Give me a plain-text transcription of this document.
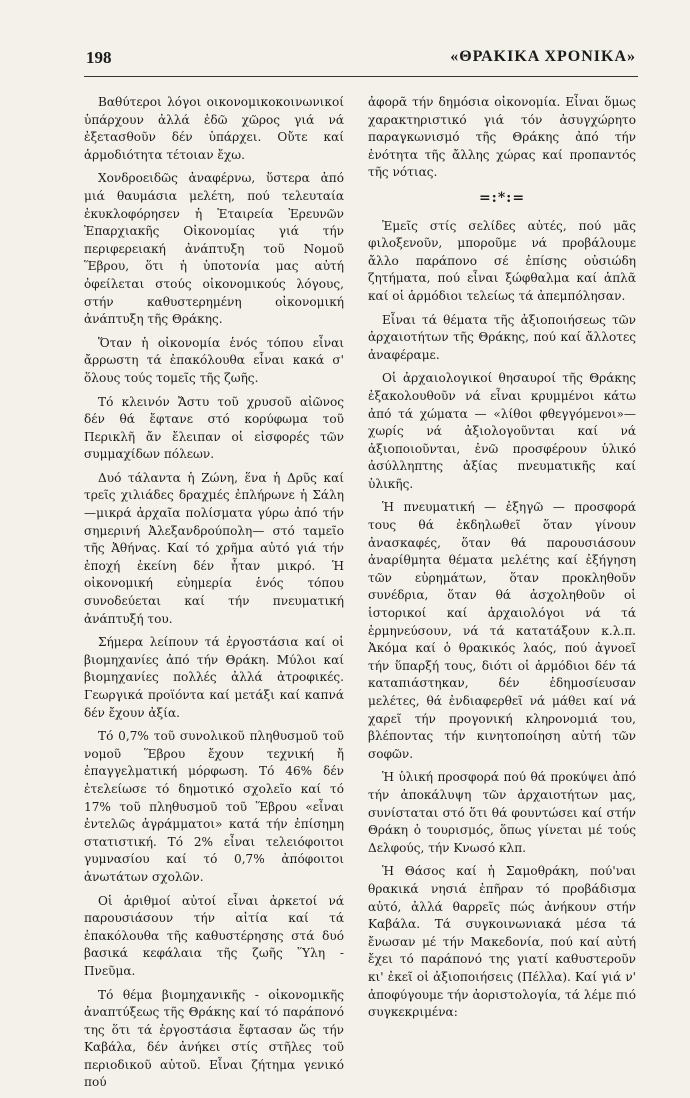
198	«ΘΡΑΚΙΚΑ ΧΡΟΝΙΚΑ»

Βαθύτεροι λόγοι οικονομικοκοινωνικοί ὑπάρχουν ἀλλά ἐδῶ χῶρος γιά νά ἐξετασθοῦν δέν ὑπάρχει. Οὔτε καί ἁρμοδιότητα τέτοιαν ἔχω.

Χονδροειδῶς ἀναφέρνω, ὕστερα ἀπό μιά θαυμάσια μελέτη, πού τελευταία ἐκυκλοφόρησεν ἡ Ἑταιρεία Ἐρευνῶν Ἐπαρχιακῆς Οἰκονομίας γιά τήν περιφερειακή ἀνάπτυξη τοῦ Νομοῦ Ἕβρου, ὅτι ἡ ὑποτονία μας αὐτή ὀφείλεται στούς οἰκονομικούς λόγους, στήν καθυστερημένη οἰκονομική ἀνάπτυξη τῆς Θράκης.

Ὅταν ἡ οἰκονομία ἑνός τόπου εἶναι ἄρρωστη τά ἐπακόλουθα εἶναι κακά σ' ὅλους τούς τομεῖς τῆς ζωῆς.

Τό κλεινόν Ἄστυ τοῦ χρυσοῦ αἰῶνος δέν θά ἔφτανε στό κορύφωμα τοῦ Περικλῆ ἄν ἔλειπαν οἱ εἰσφορές τῶν συμμαχίδων πόλεων.

Δυό τάλαντα ἡ Ζώνη, ἕνα ἡ Δρῦς καί τρεῖς χιλιάδες δραχμές ἐπλήρωνε ἡ Σάλη —μικρά ἀρχαῖα πολίσματα γύρω ἀπό τήν σημερινή Ἀλεξανδρούπολη— στό ταμεῖο τῆς Ἀθήνας. Καί τό χρῆμα αὐτό γιά τήν ἐποχή ἐκείνη δέν ἦταν μικρό. Ἡ οἰκονομική εὐημερία ἑνός τόπου συνοδεύεται καί τήν πνευματική ἀνάπτυξή του.

Σήμερα λείπουν τά ἐργοστάσια καί οἱ βιομηχανίες ἀπό τήν Θράκη. Μύλοι καί βιομηχανίες πολλές ἀλλά ἀτροφικές. Γεωργικά προϊόντα καί μετάξι καί καπνά δέν ἔχουν ἀξία.

Τό 0,7% τοῦ συνολικοῦ πληθυσμοῦ τοῦ νομοῦ Ἕβρου ἔχουν τεχνική ἤ ἐπαγγελματική μόρφωση. Τό 46% δέν ἐτελείωσε τό δημοτικό σχολεῖο καί τό 17% τοῦ πληθυσμοῦ τοῦ Ἕβρου «εἶναι ἐντελῶς ἀγράμματοι» κατά τήν ἐπίσημη στατιστική. Τό 2% εἶναι τελειόφοιτοι γυμνασίου καί τό 0,7% ἀπόφοιτοι ἀνωτάτων σχολῶν.

Οἱ ἀριθμοί αὐτοί εἶναι ἀρκετοί νά παρουσιάσουν τήν αἰτία καί τά ἐπακόλουθα τῆς καθυστέρησης στά δυό βασικά κεφάλαια τῆς ζωῆς Ὕλη - Πνεῦμα.

Τό θέμα βιομηχανικῆς - οἰκονομικῆς ἀναπτύξεως τῆς Θράκης καί τό παράπονό της ὅτι τά ἐργοστάσια ἔφτασαν ὥς τήν Καβάλα, δέν ἀνήκει στίς στῆλες τοῦ περιοδικοῦ αὐτοῦ. Εἶναι ζήτημα γενικό πού

ἀφορᾶ τήν δημόσια οἰκονομία. Εἶναι ὅμως χαρακτηριστικό γιά τόν ἀσυγχώρητο παραγκωνισμό τῆς Θράκης ἀπό τήν ἐνότητα τῆς ἄλλης χώρας καί προπαντός τῆς νότιας.

=:*:=

Ἐμεῖς στίς σελίδες αὐτές, πού μᾶς φιλοξενοῦν, μποροῦμε νά προβάλουμε ἄλλο παράπονο σέ ἐπίσης οὐσιώδη ζητήματα, πού εἶναι ξώφθαλμα καί ἁπλᾶ καί οἱ ἁρμόδιοι τελείως τά ἀπεμπόλησαν.

Εἶναι τά θέματα τῆς ἀξιοποιήσεως τῶν ἀρχαιοτήτων τῆς Θράκης, πού καί ἄλλοτες ἀναφέραμε.

Οἱ ἀρχαιολογικοί θησαυροί τῆς Θράκης ἐξακολουθοῦν νά εἶναι κρυμμένοι κάτω ἀπό τά χώματα — «λίθοι φθεγγόμενοι»— χωρίς νά ἀξιολογοῦνται καί νά ἀξιοποιοῦνται, ἐνῶ προσφέρουν ὑλικό ἀσύλληπτης ἀξίας πνευματικῆς καί ὑλικῆς.

Ἡ πνευματική — ἐξηγῶ — προσφορά τους θά ἐκδηλωθεῖ ὅταν γίνουν ἀνασκαφές, ὅταν θά παρουσιάσουν ἀναρίθμητα θέματα μελέτης καί ἐξήγηση τῶν εὑρημάτων, ὅταν προκληθοῦν συνέδρια, ὅταν θά ἀσχοληθοῦν οἱ ἱστορικοί καί ἀρχαιολόγοι νά τά ἑρμηνεύσουν, νά τά κατατάξουν κ.λ.π. Ἀκόμα καί ὁ θρακικός λαός, πού ἀγνοεῖ τήν ὕπαρξή τους, διότι οἱ ἁρμόδιοι δέν τά καταπιάστηκαν, δέν ἐδημοσίευσαν μελέτες, θά ἐνδιαφερθεῖ νά μάθει καί νά χαρεῖ τήν προγονική κληρονομιά του, βλέποντας τήν κινητοποίηση αὐτή τῶν σοφῶν.

Ἡ ὑλική προσφορά πού θά προκύψει ἀπό τήν ἀποκάλυψη τῶν ἀρχαιοτήτων μας, συνίσταται στό ὅτι θά φουντώσει καί στήν Θράκη ὁ τουρισμός, ὅπως γίνεται μέ τούς Δελφούς, τήν Κνωσό κλπ.

Ἡ Θάσος καί ἡ Σαμοθράκη, πού'ναι θρακικά νησιά ἐπῆραν τό προβάδισμα αὐτό, ἀλλά θαρρεῖς πώς ἀνήκουν στήν Καβάλα. Τά συγκοινωνιακά μέσα τά ἔνωσαν μέ τήν Μακεδονία, πού καί αὐτή ἔχει τό παράπονό της γιατί καθυστεροῦν κι' ἐκεῖ οἱ ἀξιοποιήσεις (Πέλλα). Καί γιά ν' ἀποφύγουμε τήν ἀοριστολογία, τά λέμε πιό συγκεκριμένα:
